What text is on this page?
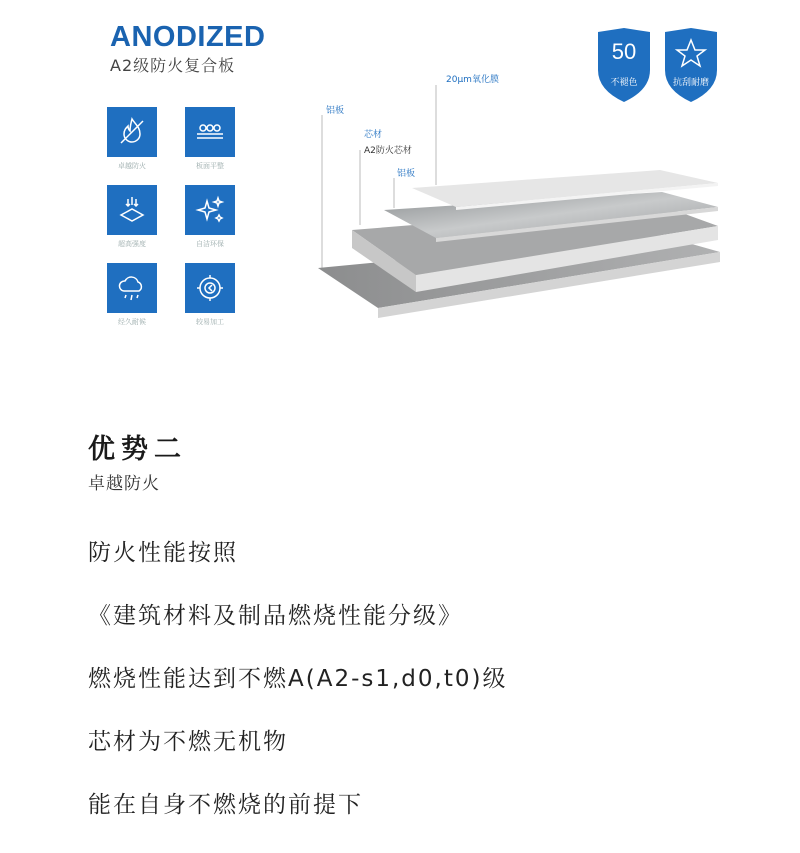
ANODIZED
A2级防火复合板
卓越防火	板面平整
超高强度	自洁环保
经久耐候	较易加工
50
不褪色	抗刮耐磨
20μm氧化膜
铝板
芯材
A2防火芯材
铝板
优势二
卓越防火
防火性能按照
《建筑材料及制品燃烧性能分级》
燃烧性能达到不燃A(A2-s1,d0,t0)级
芯材为不燃无机物
能在自身不燃烧的前提下
